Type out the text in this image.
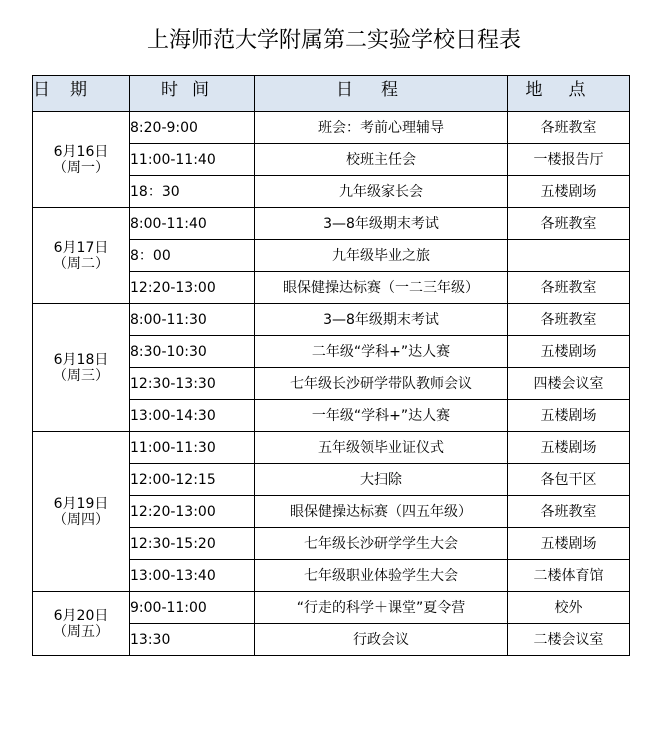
上海师范大学附属第二实验学校日程表
日期	时间	日程	地点

6月16日
（周一）	8:20-9:00	班会：考前心理辅导	各班教室
	11:00-11:40	校班主任会	一楼报告厅
	18：30	九年级家长会	五楼剧场

6月17日
（周二）	8:00-11:40	3—8年级期末考试	各班教室
	8：00	九年级毕业之旅	
	12:20-13:00	眼保健操达标赛（一二三年级）	各班教室

6月18日
（周三）	8:00-11:30	3—8年级期末考试	各班教室
	8:30-10:30	二年级“学科+”达人赛	五楼剧场
	12:30-13:30	七年级长沙研学带队教师会议	四楼会议室
	13:00-14:30	一年级“学科+”达人赛	五楼剧场

6月19日
（周四）	11:00-11:30	五年级领毕业证仪式	五楼剧场
	12:00-12:15	大扫除	各包干区
	12:20-13:00	眼保健操达标赛（四五年级）	各班教室
	12:30-15:20	七年级长沙研学学生大会	五楼剧场
	13:00-13:40	七年级职业体验学生大会	二楼体育馆

6月20日
（周五）	9:00-11:00	“行走的科学＋课堂”夏令营	校外
	13:30	行政会议	二楼会议室
